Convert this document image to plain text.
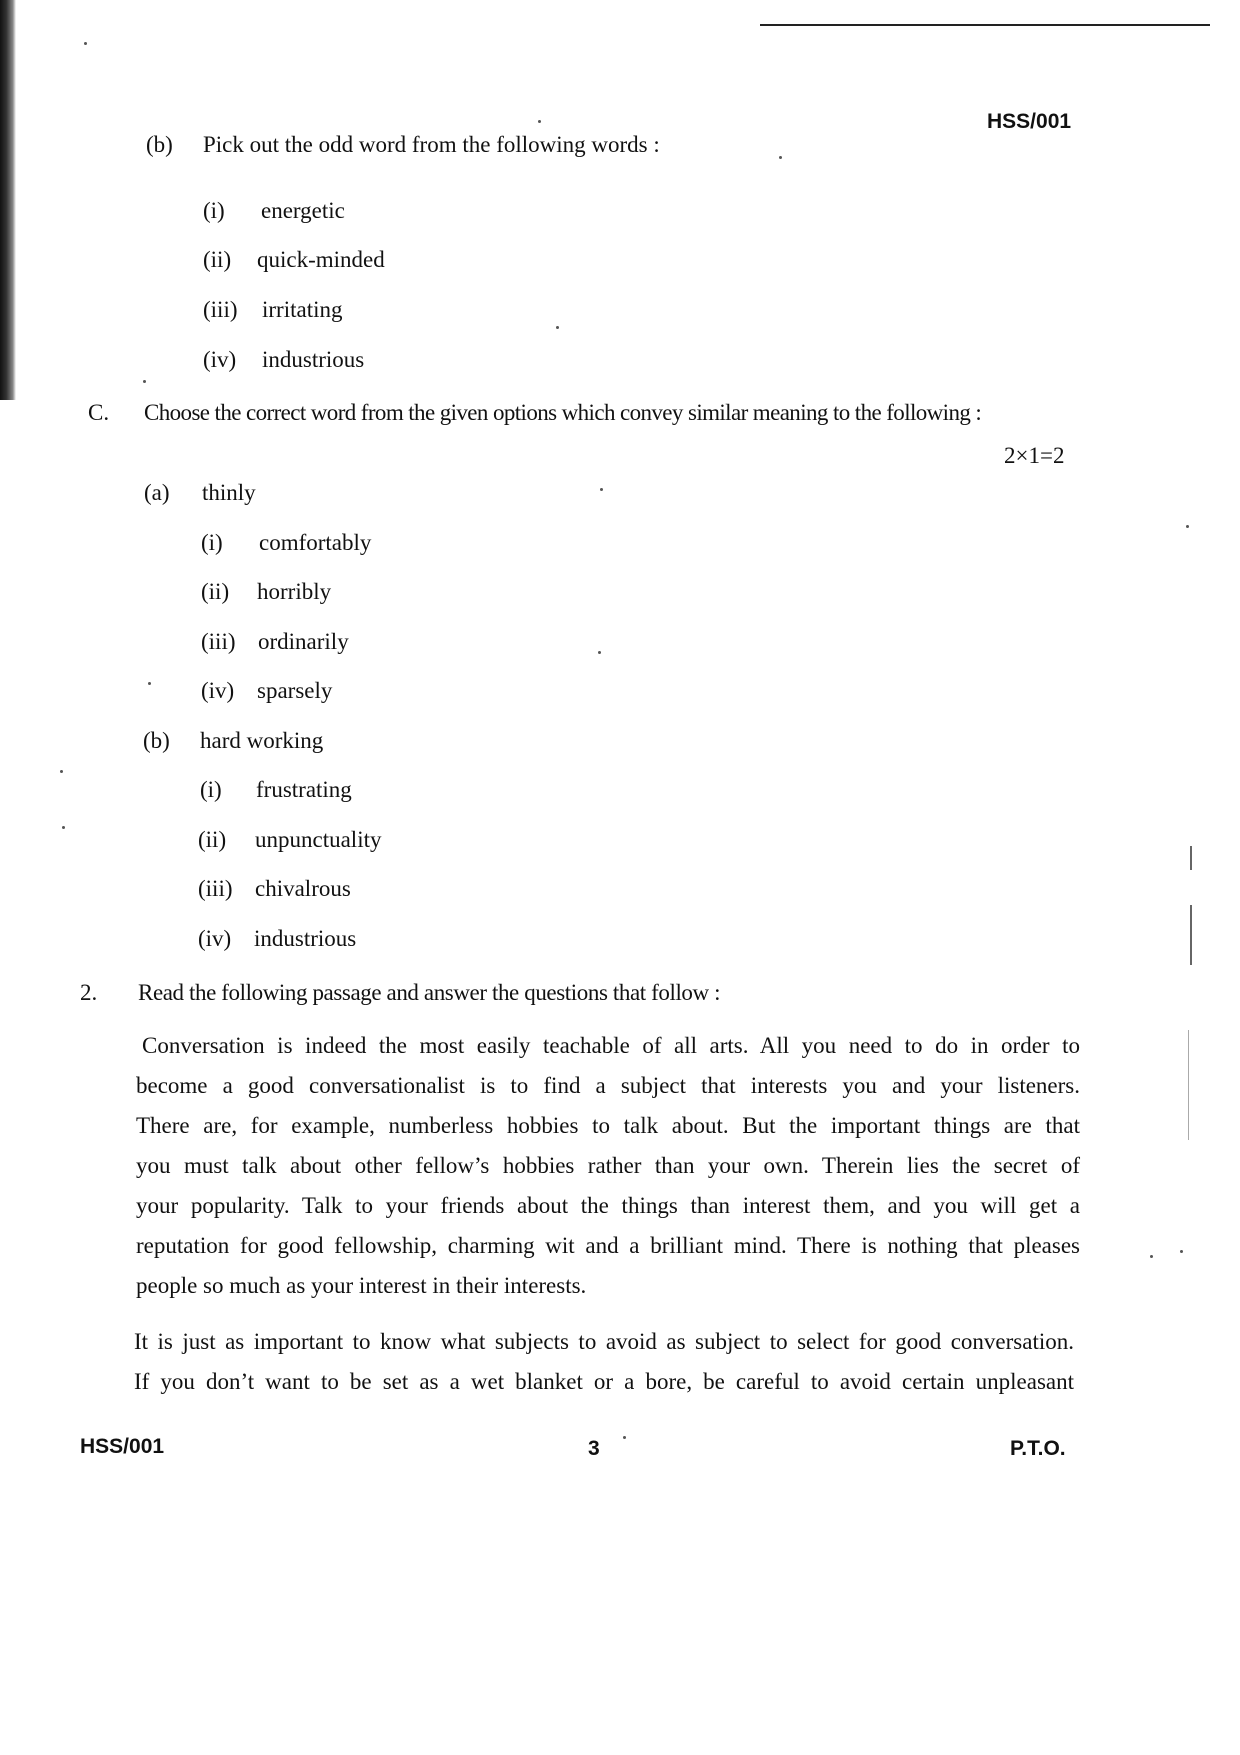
HSS/001
(b) Pick out the odd word from the following words :
(i) energetic
(ii) quick-minded
(iii) irritating
(iv) industrious
C. Choose the correct word from the given options which convey similar meaning to the following :
2×1=2
(a) thinly
(i) comfortably
(ii) horribly
(iii) ordinarily
(iv) sparsely
(b) hard working
(i) frustrating
(ii) unpunctuality
(iii) chivalrous
(iv) industrious
2. Read the following passage and answer the questions that follow :
Conversation is indeed the most easily teachable of all arts. All you need to do in order to
become a good conversationalist is to find a subject that interests you and your listeners.
There are, for example, numberless hobbies to talk about. But the important things are that
you must talk about other fellow’s hobbies rather than your own. Therein lies the secret of
your popularity. Talk to your friends about the things than interest them, and you will get a
reputation for good fellowship, charming wit and a brilliant mind. There is nothing that pleases
people so much as your interest in their interests.
It is just as important to know what subjects to avoid as subject to select for good conversation.
If you don’t want to be set as a wet blanket or a bore, be careful to avoid certain unpleasant
HSS/001	3	P.T.O.
